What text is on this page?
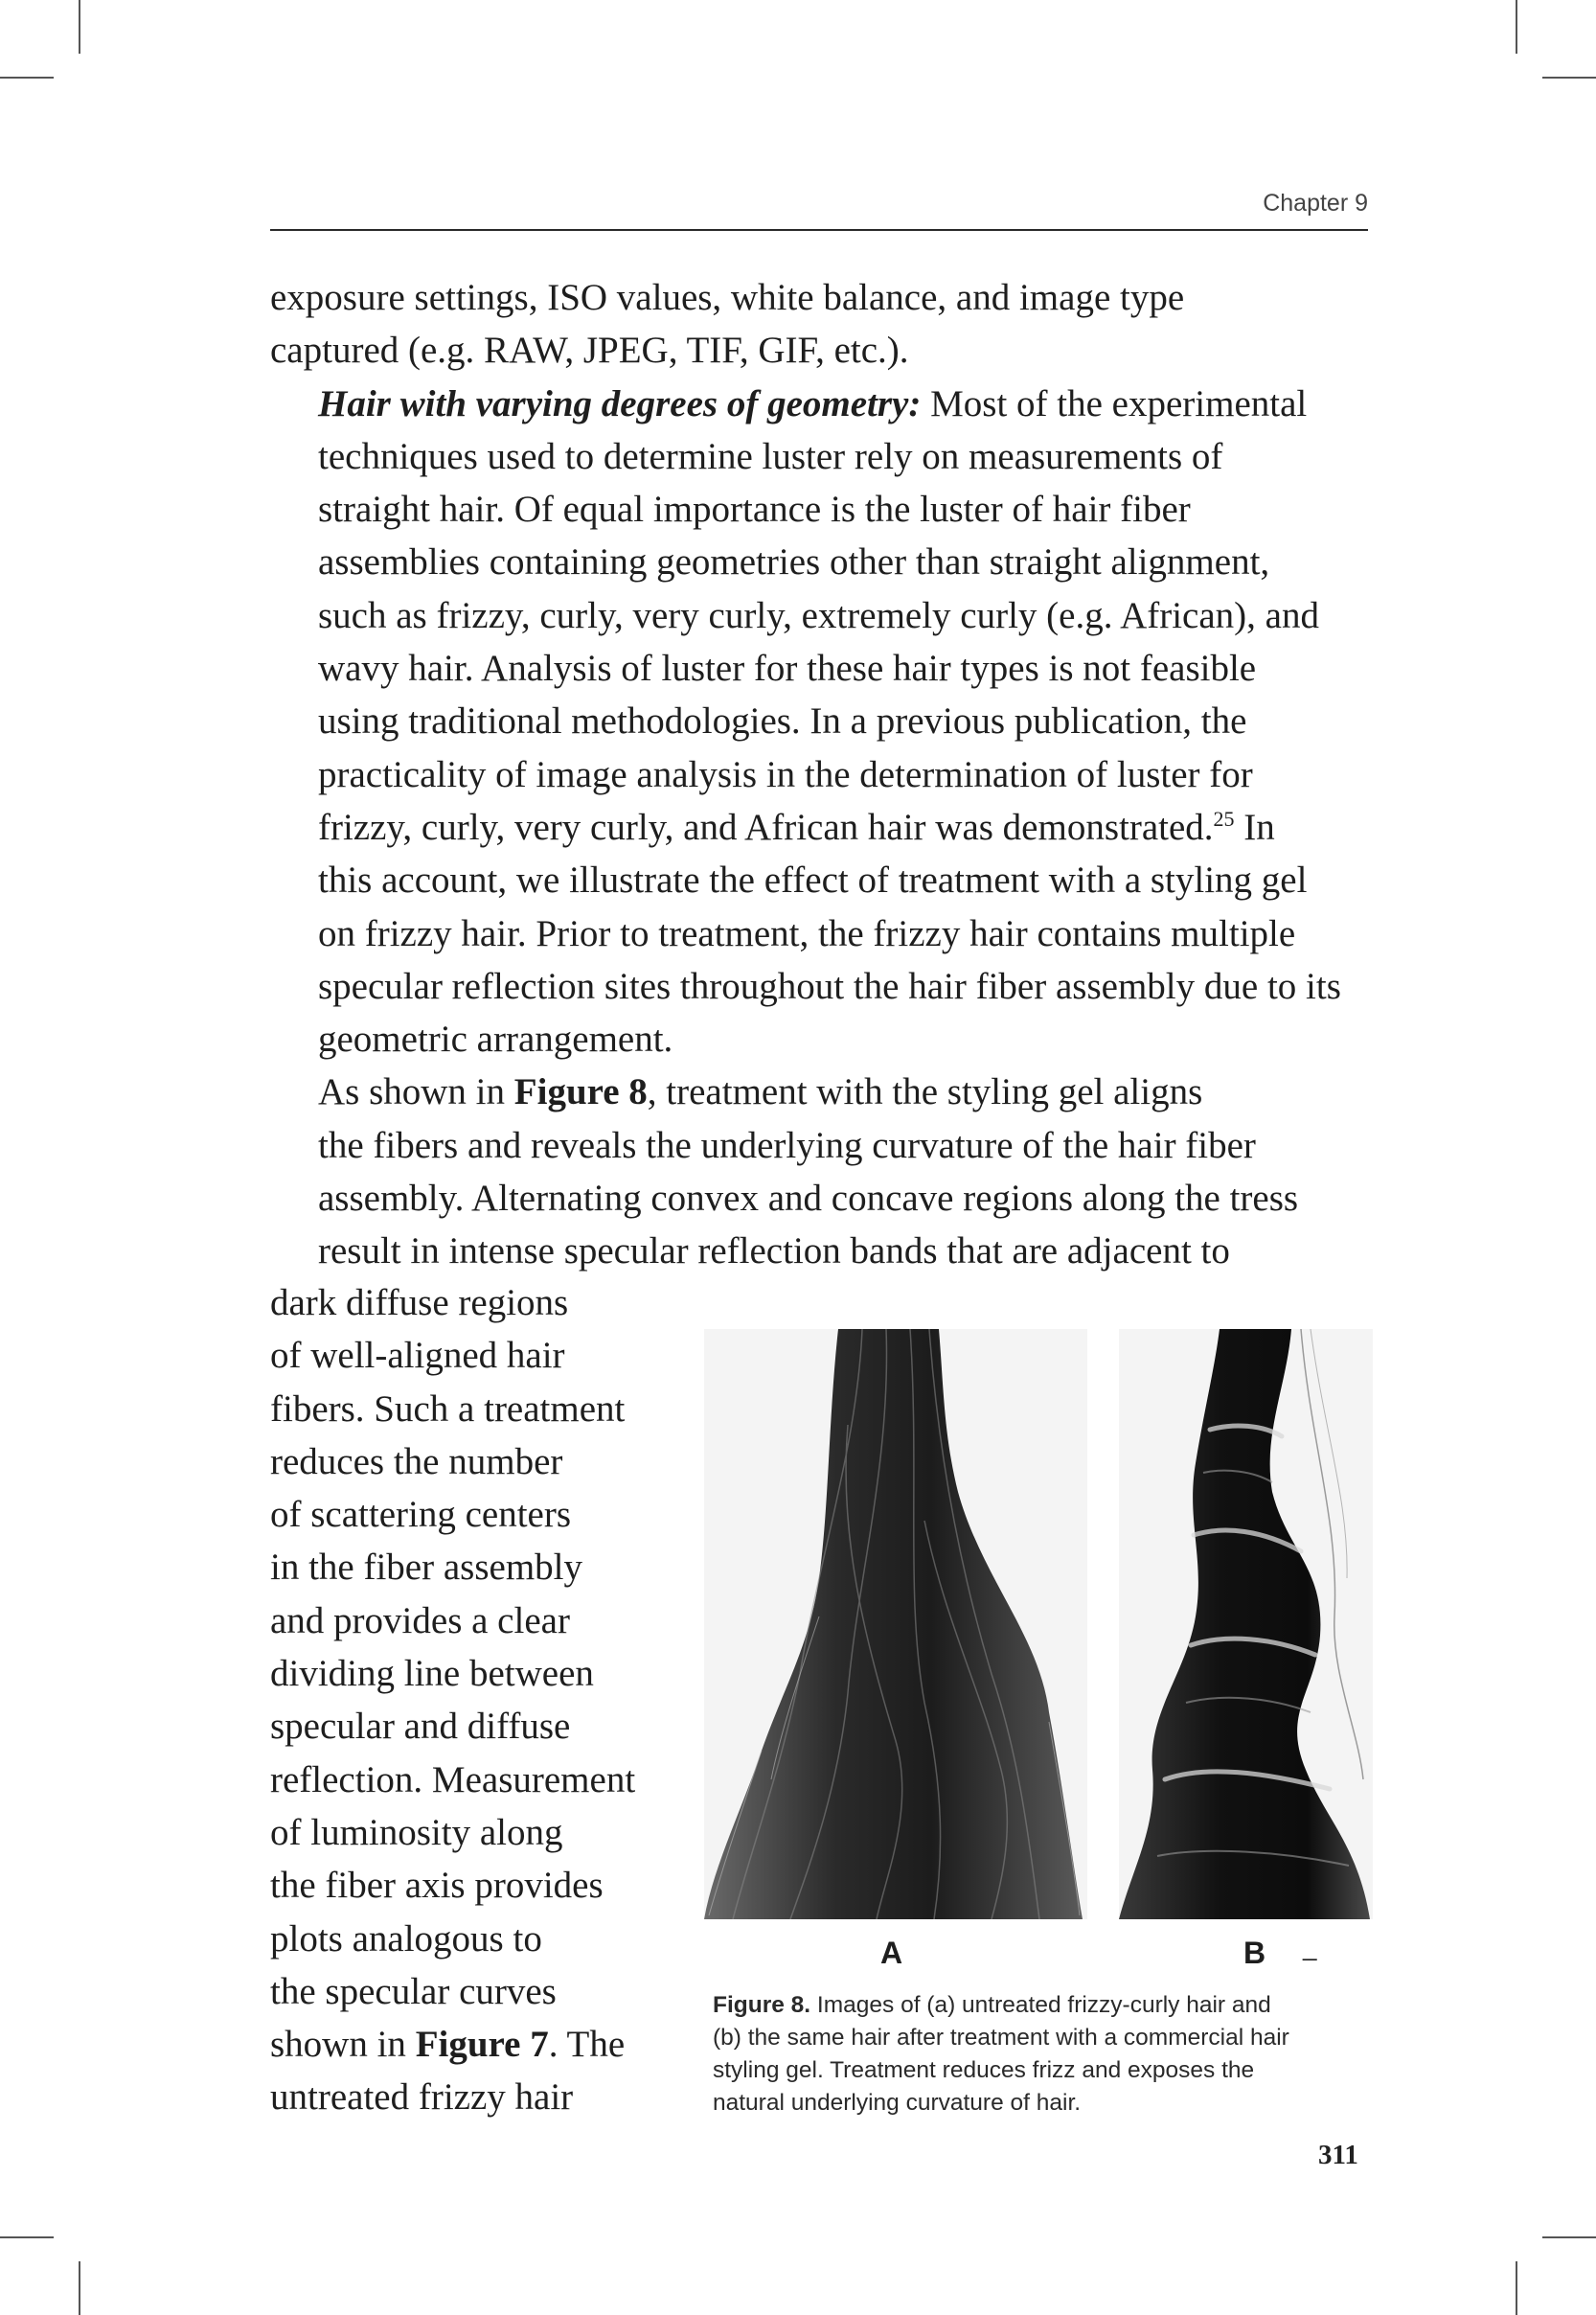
Chapter 9

exposure settings, ISO values, white balance, and image type
captured (e.g. RAW, JPEG, TIF, GIF, etc.).

Hair with varying degrees of geometry: Most of the experimental
techniques used to determine luster rely on measurements of
straight hair. Of equal importance is the luster of hair fiber
assemblies containing geometries other than straight alignment,
such as frizzy, curly, very curly, extremely curly (e.g. African), and
wavy hair. Analysis of luster for these hair types is not feasible
using traditional methodologies. In a previous publication, the
practicality of image analysis in the determination of luster for
frizzy, curly, very curly, and African hair was demonstrated.$^{25}$ In
this account, we illustrate the effect of treatment with a styling gel
on frizzy hair. Prior to treatment, the frizzy hair contains multiple
specular reflection sites throughout the hair fiber assembly due to its
geometric arrangement.

As shown in Figure 8, treatment with the styling gel aligns
the fibers and reveals the underlying curvature of the hair fiber
assembly. Alternating convex and concave regions along the tress
result in intense specular reflection bands that are adjacent to

dark diffuse regions
of well-aligned hair
fibers. Such a treatment
reduces the number
of scattering centers
in the fiber assembly
and provides a clear
dividing line between
specular and diffuse
reflection. Measurement
of luminosity along
the fiber axis provides
plots analogous to
the specular curves
shown in Figure 7. The
untreated frizzy hair
A	B _
Figure 8. Images of (a) untreated frizzy-curly hair and
(b) the same hair after treatment with a commercial hair
styling gel. Treatment reduces frizz and exposes the
natural underlying curvature of hair.
311
